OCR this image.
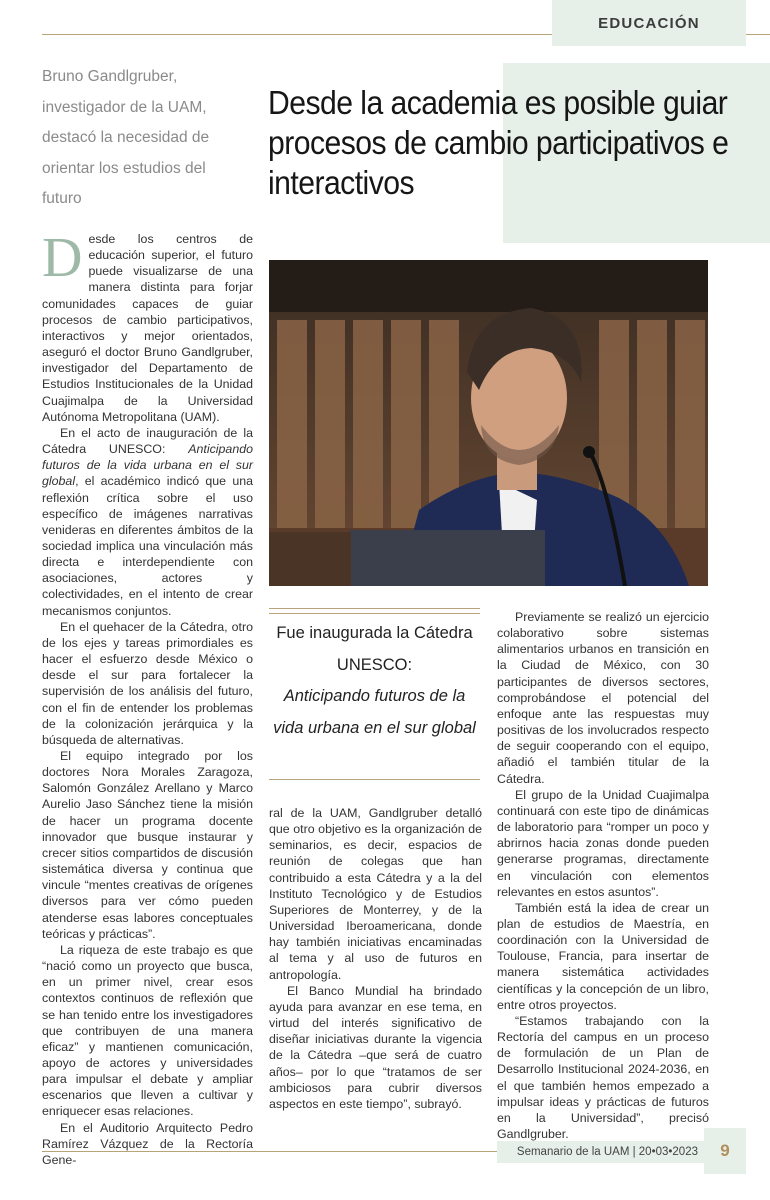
EDUCACIÓN
Bruno Gandlgruber, investigador de la UAM, destacó la necesidad de orientar los estudios del futuro
Desde la academia es posible guiar procesos de cambio participativos e interactivos
Fue inaugurada la Cátedra UNESCO:
Anticipando futuros de la vida urbana en el sur global

Desde los centros de educación superior, el futuro puede visualizarse de una manera distinta para forjar comunidades capaces de guiar procesos de cambio participativos, interactivos y mejor orientados, aseguró el doctor Bruno Gandlgruber, investigador del Departamento de Estudios Institucionales de la Unidad Cuajimalpa de la Universidad Autónoma Metropolitana (UAM).

En el acto de inauguración de la Cátedra UNESCO: Anticipando futuros de la vida urbana en el sur global, el académico indicó que una reflexión crítica sobre el uso específico de imágenes narrativas venideras en diferentes ámbitos de la sociedad implica una vinculación más directa e interdependiente con asociaciones, actores y colectividades, en el intento de crear mecanismos conjuntos.

En el quehacer de la Cátedra, otro de los ejes y tareas primordiales es hacer el esfuerzo desde México o desde el sur para fortalecer la supervisión de los análisis del futuro, con el fin de entender los problemas de la colonización jerárquica y la búsqueda de alternativas.

El equipo integrado por los doctores Nora Morales Zaragoza, Salomón González Arellano y Marco Aurelio Jaso Sánchez tiene la misión de hacer un programa docente innovador que busque instaurar y crecer sitios compartidos de discusión sistemática diversa y continua que vincule “mentes creativas de orígenes diversos para ver cómo pueden atenderse esas labores conceptuales teóricas y prácticas”.

La riqueza de este trabajo es que “nació como un proyecto que busca, en un primer nivel, crear esos contextos continuos de reflexión que se han tenido entre los investigadores que contribuyen de una manera eficaz” y mantienen comunicación, apoyo de actores y universidades para impulsar el debate y ampliar escenarios que lleven a cultivar y enriquecer esas relaciones.

En el Auditorio Arquitecto Pedro Ramírez Vázquez de la Rectoría Gene-

ral de la UAM, Gandlgruber detalló que otro objetivo es la organización de seminarios, es decir, espacios de reunión de colegas que han contribuido a esta Cátedra y a la del Instituto Tecnológico y de Estudios Superiores de Monterrey, y de la Universidad Iberoamericana, donde hay también iniciativas encaminadas al tema y al uso de futuros en antropología.

El Banco Mundial ha brindado ayuda para avanzar en ese tema, en virtud del interés significativo de diseñar iniciativas durante la vigencia de la Cátedra –que será de cuatro años– por lo que “tratamos de ser ambiciosos para cubrir diversos aspectos en este tiempo”, subrayó.

Previamente se realizó un ejercicio colaborativo sobre sistemas alimentarios urbanos en transición en la Ciudad de México, con 30 participantes de diversos sectores, comprobándose el potencial del enfoque ante las respuestas muy positivas de los involucrados respecto de seguir cooperando con el equipo, añadió el también titular de la Cátedra.

El grupo de la Unidad Cuajimalpa continuará con este tipo de dinámicas de laboratorio para “romper un poco y abrirnos hacia zonas donde pueden generarse programas, directamente en vinculación con elementos relevantes en estos asuntos”.

También está la idea de crear un plan de estudios de Maestría, en coordinación con la Universidad de Toulouse, Francia, para insertar de manera sistemática actividades científicas y la concepción de un libro, entre otros proyectos.

“Estamos trabajando con la Rectoría del campus en un proceso de formulación de un Plan de Desarrollo Institucional 2024-2036, en el que también hemos empezado a impulsar ideas y prácticas de futuros en la Universidad”, precisó Gandlgruber.

Semanario de la UAM | 20•03•2023	9
